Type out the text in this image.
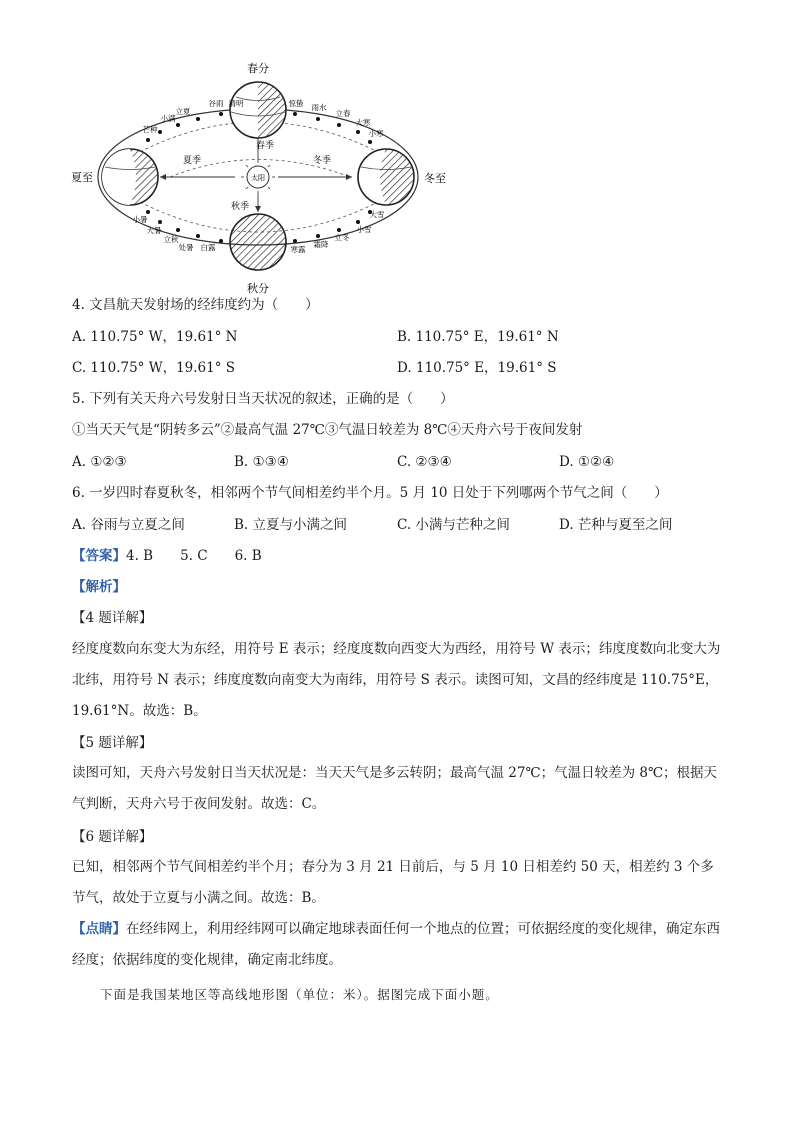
太阳
春分
夏至
秋分
冬至
春季
夏季
秋季
冬季
谷雨 清明	惊蛰 雨水
立春
大寒
小寒
立夏
小满
芒种
小暑
大暑
立秋
处暑 白露	寒露
霜降
立冬
小雪
大雪
4. 文昌航天发射场的经纬度约为（　　）
A. 110.75° W，19.61° N	B. 110.75° E，19.61° N
C. 110.75° W，19.61° S	D. 110.75° E，19.61° S
5. 下列有关天舟六号发射日当天状况的叙述，正确的是（　　）
①当天天气是“阴转多云”②最高气温 27℃③气温日较差为 8℃④天舟六号于夜间发射
A. ①②③	B. ①③④	C. ②③④	D. ①②④
6. 一岁四时春夏秋冬，相邻两个节气间相差约半个月。5 月 10 日处于下列哪两个节气之间（　　）
A. 谷雨与立夏之间	B. 立夏与小满之间	C. 小满与芒种之间	D. 芒种与夏至之间
【答案】4. B　　5. C　　6. B
【解析】
【4 题详解】
经度度数向东变大为东经，用符号 E 表示；经度度数向西变大为西经，用符号 W 表示；纬度度数向北变大为北纬，用符号 N 表示；纬度度数向南变大为南纬，用符号 S 表示。读图可知，文昌的经纬度是 110.75°E，19.61°N。故选：B。
【5 题详解】
读图可知，天舟六号发射日当天状况是：当天天气是多云转阴；最高气温 27℃；气温日较差为 8℃；根据天气判断，天舟六号于夜间发射。故选：C。
【6 题详解】
已知，相邻两个节气间相差约半个月；春分为 3 月 21 日前后，与 5 月 10 日相差约 50 天，相差约 3 个多节气，故处于立夏与小满之间。故选：B。
【点睛】在经纬网上，利用经纬网可以确定地球表面任何一个地点的位置；可依据经度的变化规律，确定东西经度；依据纬度的变化规律，确定南北纬度。
下面是我国某地区等高线地形图（单位：米）。据图完成下面小题。
